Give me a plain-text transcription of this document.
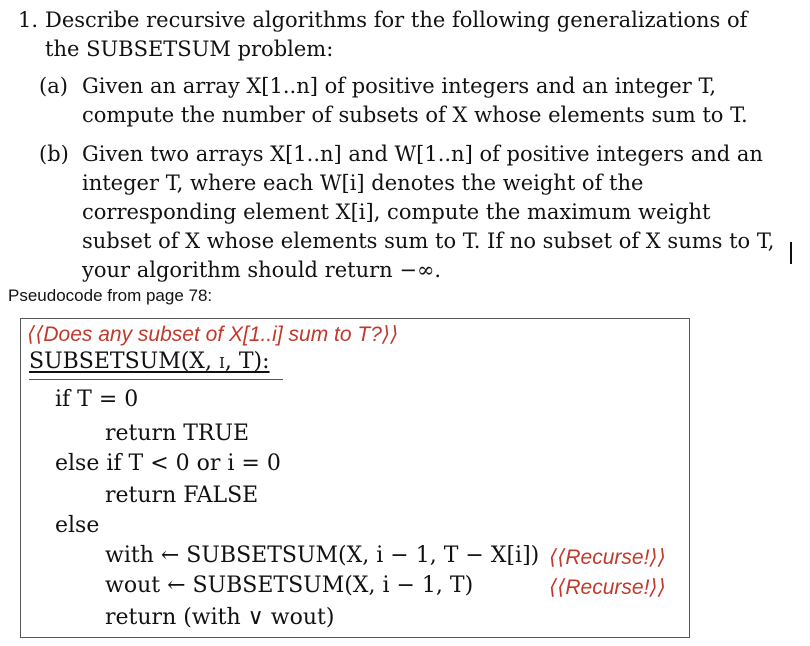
1. Describe recursive algorithms for the following generalizations of the SUBSETSUM problem:
(a) Given an array X[1..n] of positive integers and an integer T, compute the number of subsets of X whose elements sum to T.

(b) Given two arrays X[1..n] and W[1..n] of positive integers and an integer T, where each W[i] denotes the weight of the corresponding element X[i], compute the maximum weight subset of X whose elements sum to T. If no subset of X sums to T, your algorithm should return −∞.

Pseudocode from page 78:
⟨⟨Does any subset of X[1..i] sum to T?⟩⟩
SUBSETSUM(X, i, T):
if T = 0
return TRUE
else if T < 0 or i = 0
return FALSE
else
with ← SUBSETSUM(X, i − 1, T − X[i])
wout ← SUBSETSUM(X, i − 1, T)
return (with ∨ wout)
⟨⟨Recurse!⟩⟩
⟨⟨Recurse!⟩⟩
